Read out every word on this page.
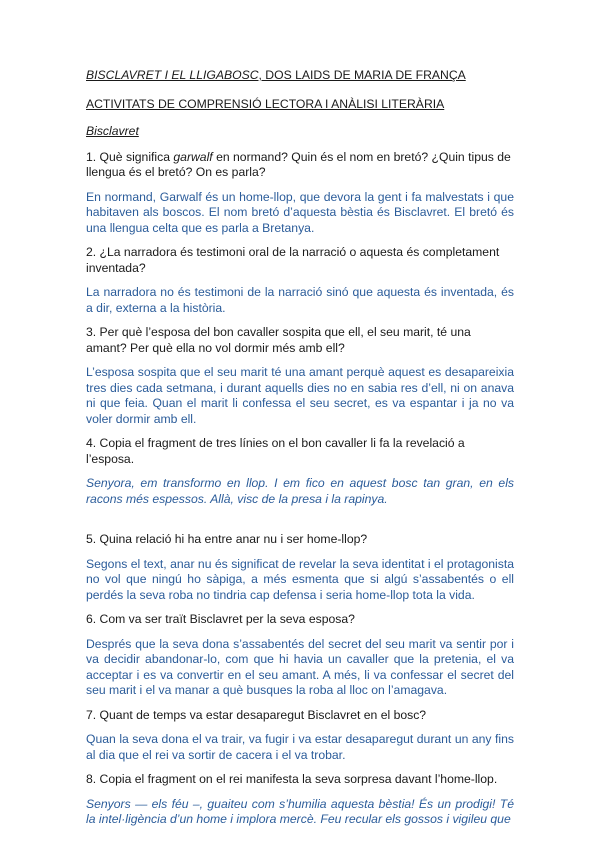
BISCLAVRET I EL LLIGABOSC, DOS LAIDS DE MARIA DE FRANÇA

ACTIVITATS DE COMPRENSIÓ LECTORA I ANÀLISI LITERÀRIA

Bisclavret

1. Què significa garwalf en normand? Quin és el nom en bretó? ¿Quin tipus de llengua és el bretó? On es parla?

En normand, Garwalf és un home-llop, que devora la gent i fa malvestats i que habitaven als boscos. El nom bretó d’aquesta bèstia és Bisclavret. El bretó és una llengua celta que es parla a Bretanya.

2. ¿La narradora és testimoni oral de la narració o aquesta és completament inventada?

La narradora no és testimoni de la narració sinó que aquesta és inventada, és a dir, externa a la història.

3. Per què l’esposa del bon cavaller sospita que ell, el seu marit, té una amant? Per què ella no vol dormir més amb ell?

L’esposa sospita que el seu marit té una amant perquè aquest es desapareixia tres dies cada setmana, i durant aquells dies no en sabia res d’ell, ni on anava ni que feia. Quan el marit li confessa el seu secret, es va espantar i ja no va voler dormir amb ell.

4. Copia el fragment de tres línies on el bon cavaller li fa la revelació a l’esposa.

Senyora, em transformo en llop. I em fico en aquest bosc tan gran, en els racons més espessos. Allà, visc de la presa i la rapinya.

5. Quina relació hi ha entre anar nu i ser home-llop?

Segons el text, anar nu és significat de revelar la seva identitat i el protagonista no vol que ningú ho sàpiga, a més esmenta que si algú s’assabentés o ell perdés la seva roba no tindria cap defensa i seria home-llop tota la vida.

6. Com va ser traït Bisclavret per la seva esposa?

Després que la seva dona s’assabentés del secret del seu marit va sentir por i va decidir abandonar-lo, com que hi havia un cavaller que la pretenia, el va acceptar i es va convertir en el seu amant. A més, li va confessar el secret del seu marit i el va manar a què busques la roba al lloc on l’amagava.

7. Quant de temps va estar desaparegut Bisclavret en el bosc?

Quan la seva dona el va trair, va fugir i va estar desaparegut durant un any fins al dia que el rei va sortir de cacera i el va trobar.

8. Copia el fragment on el rei manifesta la seva sorpresa davant l’home-llop.

Senyors — els féu –, guaiteu com s’humilia aquesta bèstia! És un prodigi! Té la intel·ligència d’un home i implora mercè. Feu recular els gossos i vigileu que
